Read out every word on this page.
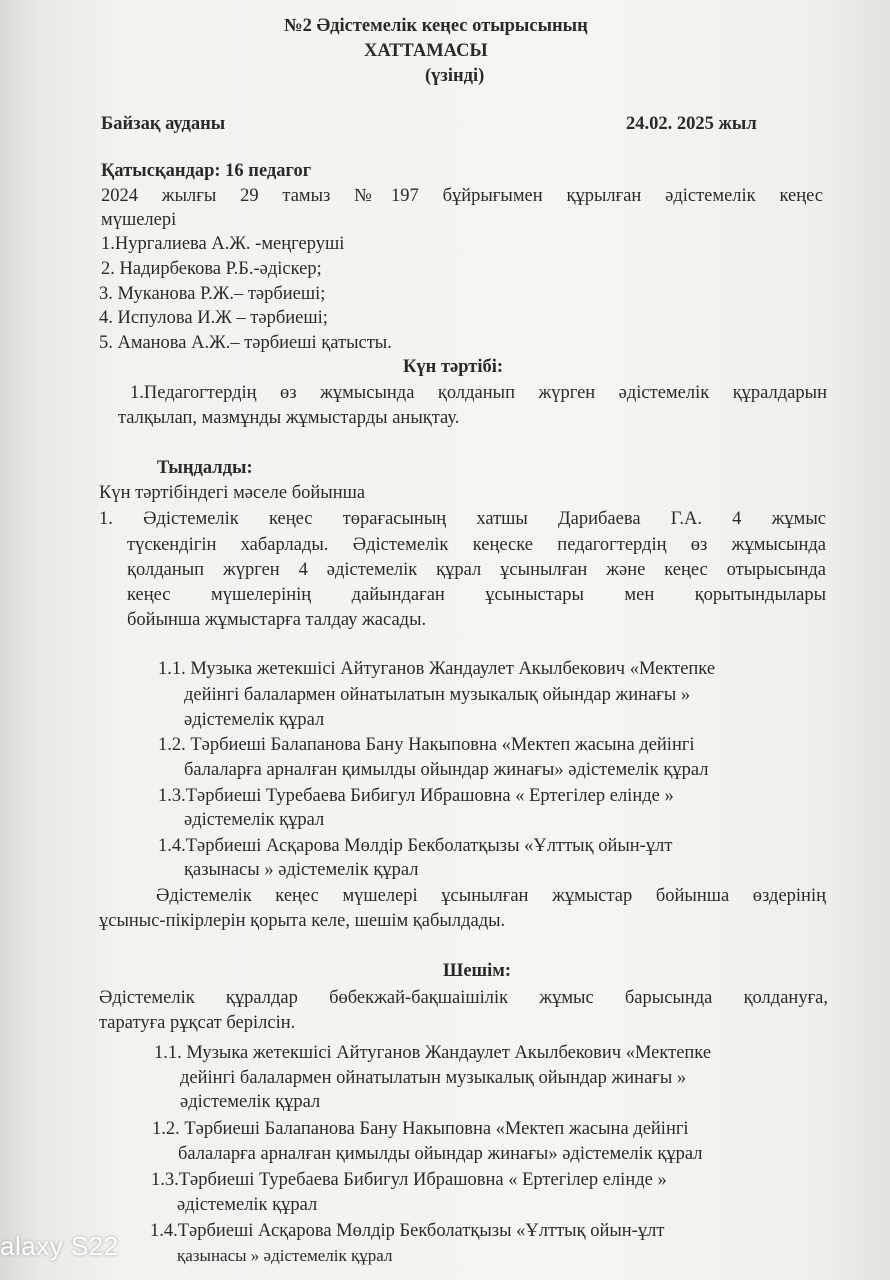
№2 Әдістемелік кеңес отырысының
ХАТТАМАСЫ
(үзінді)
Байзақ ауданы	24.02. 2025 жыл
Қатысқандар: 16 педагог
2024 жылғы 29 тамыз №197 бұйрығымен құрылған әдістемелік кеңес
мүшелері
1.Нургалиева А.Ж. -меңгеруші
2. Надирбекова Р.Б.-әдіскер;
3. Муканова Р.Ж.– тәрбиеші;
4. Испулова И.Ж – тәрбиеші;
5. Аманова А.Ж.– тәрбиеші қатысты.
Күн тәртібі:
1.Педагогтердің өз жұмысында қолданып жүрген әдістемелік құралдарын
талқылап, мазмұнды жұмыстарды анықтау.
Тыңдалды:
Күн тәртібіндегі мәселе бойынша
1. Әдістемелік кеңес төрағасының хатшы Дарибаева Г.А. 4 жұмыс
түскендігін хабарлады. Әдістемелік кеңеске педагогтердің өз жұмысында
қолданып жүрген 4 әдістемелік құрал ұсынылған және кеңес отырысында
кеңес мүшелерінің дайындаған ұсыныстары мен қорытындылары
бойынша жұмыстарға талдау жасады.
1.1. Музыка жетекшісі Айтуганов Жандаулет Акылбекович «Мектепке
дейінгі балалармен ойнатылатын музыкалық ойындар жинағы »
әдістемелік құрал
1.2. Тәрбиеші Балапанова Бану Накыповна «Мектеп жасына дейінгі
балаларға арналған қимылды ойындар жинағы» әдістемелік құрал
1.3.Тәрбиеші Туребаева Бибигул Ибрашовна « Ертегілер елінде »
әдістемелік құрал
1.4.Тәрбиеші Асқарова Мөлдір Бекболатқызы «Ұлттық ойын-ұлт
қазынасы » әдістемелік құрал
Әдістемелік кеңес мүшелері ұсынылған жұмыстар бойынша өздерінің
ұсыныс-пікірлерін қорыта келе, шешім қабылдады.
Шешім:
Әдістемелік құралдар бөбекжай-бақшаішілік жұмыс барысында қолдануға,
таратуға рұқсат берілсін.
1.1. Музыка жетекшісі Айтуганов Жандаулет Акылбекович «Мектепке
дейінгі балалармен ойнатылатын музыкалық ойындар жинағы »
әдістемелік құрал
1.2. Тәрбиеші Балапанова Бану Накыповна «Мектеп жасына дейінгі
балаларға арналған қимылды ойындар жинағы» әдістемелік құрал
1.3.Тәрбиеші Туребаева Бибигул Ибрашовна « Ертегілер елінде »
әдістемелік құрал
1.4.Тәрбиеші Асқарова Мөлдір Бекболатқызы «Ұлттық ойын-ұлт
қазынасы » әдістемелік құрал
alaxy S22
